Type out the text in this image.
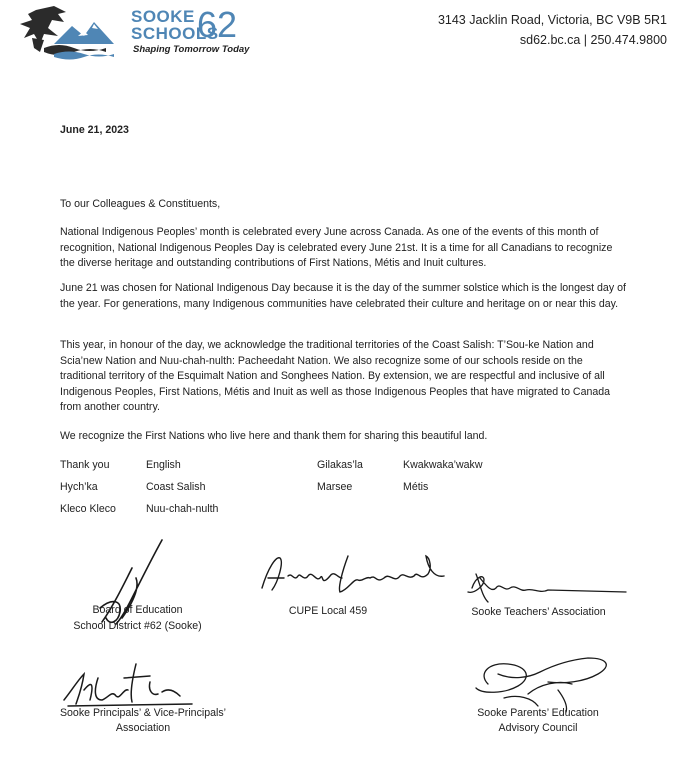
SOOKE
SCHOOLS
62
Shaping Tomorrow Today
3143 Jacklin Road, Victoria, BC V9B 5R1
sd62.bc.ca | 250.474.9800
June 21, 2023
To our Colleagues & Constituents,
National Indigenous Peoples’ month is celebrated every June across Canada. As one of the events of this month of recognition, National Indigenous Peoples Day is celebrated every June 21st. It is a time for all Canadians to recognize the diverse heritage and outstanding contributions of First Nations, Métis and Inuit cultures.
June 21 was chosen for National Indigenous Day because it is the day of the summer solstice which is the longest day of the year. For generations, many Indigenous communities have celebrated their culture and heritage on or near this day.
This year, in honour of the day, we acknowledge the traditional territories of the Coast Salish: T’Sou-ke Nation and Scia’new Nation and Nuu-chah-nulth: Pacheedaht Nation. We also recognize some of our schools reside on the traditional territory of the Esquimalt Nation and Songhees Nation. By extension, we are respectful and inclusive of all Indigenous Peoples, First Nations, Métis and Inuit as well as those Indigenous Peoples that have migrated to Canada from another country.
We recognize the First Nations who live here and thank them for sharing this beautiful land.
Thank you	English	Gilakas’la	Kwakwaka’wakw
Hych’ka	Coast Salish	Marsee	Métis
Kleco Kleco	Nuu-chah-nulth
Board of Education
School District #62 (Sooke)
CUPE Local 459	Sooke Teachers’ Association
Sooke Principals’ & Vice-Principals’
Association
Sooke Parents’ Education
Advisory Council
